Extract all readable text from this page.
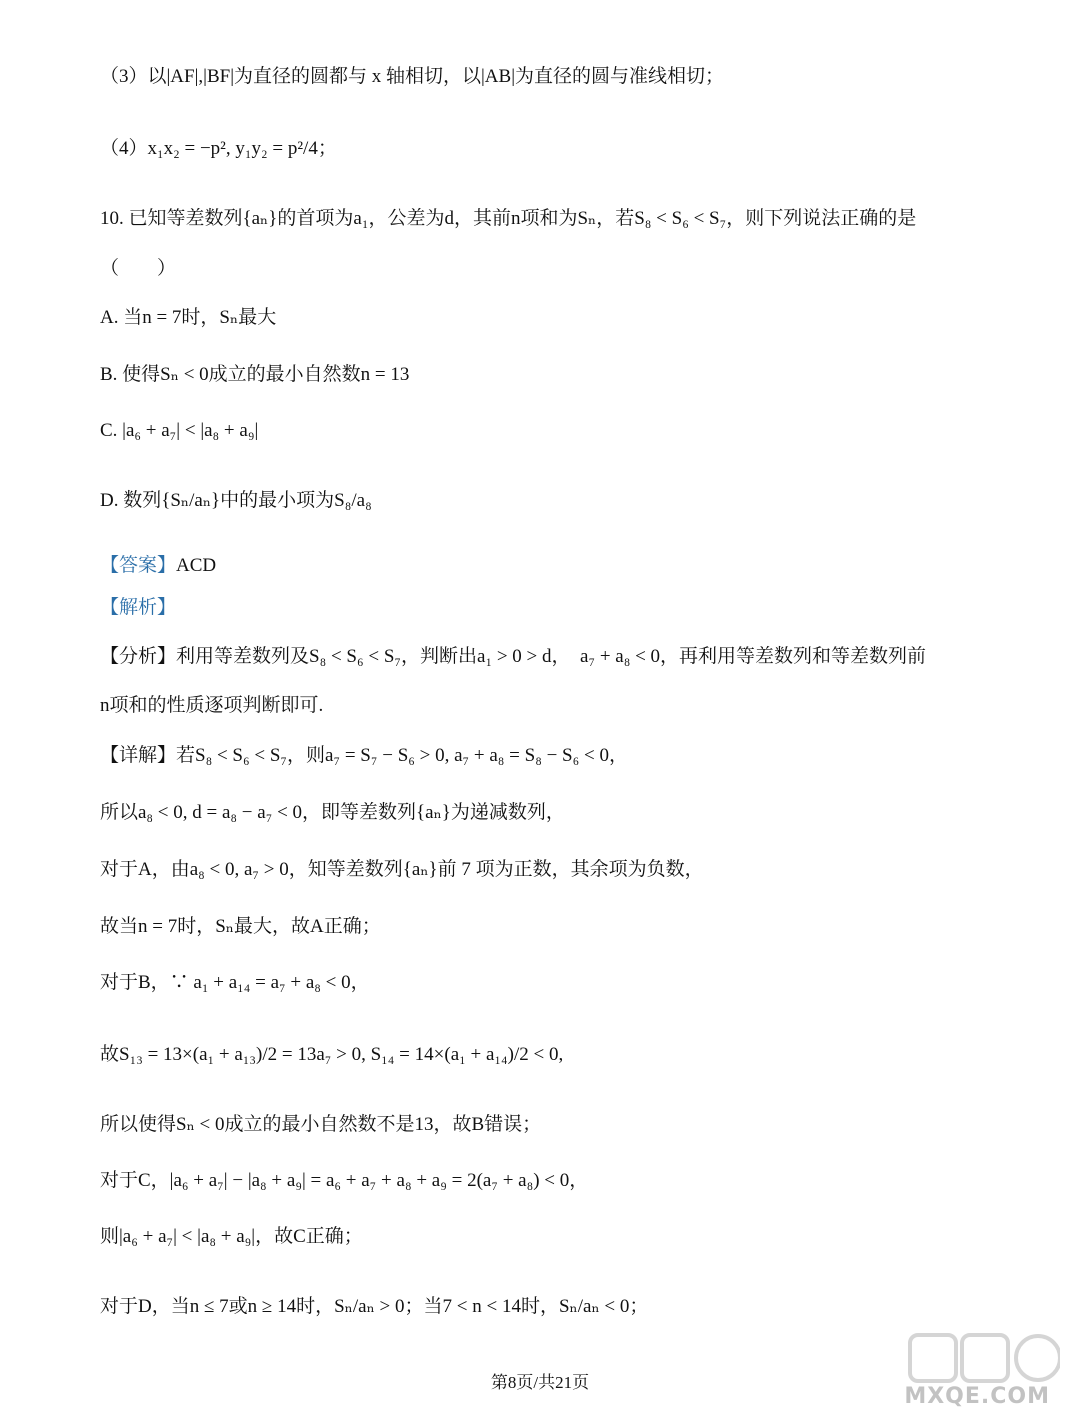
（3）以|AF|,|BF|为直径的圆都与 x 轴相切，以|AB|为直径的圆与准线相切；
（4）x₁x₂ = −p², y₁y₂ = p²/4；
10. 已知等差数列{aₙ}的首项为a₁，公差为d，其前n项和为Sₙ，若S₈ < S₆ < S₇，则下列说法正确的是
（　　）
A. 当n = 7时，Sₙ最大
B. 使得Sₙ < 0成立的最小自然数n = 13
C. |a₆ + a₇| < |a₈ + a₉|
D. 数列{Sₙ/aₙ}中的最小项为S₈/a₈
【答案】ACD
【解析】
【分析】利用等差数列及S₈ < S₆ < S₇，判断出a₁ > 0 > d，　a₇ + a₈ < 0，再利用等差数列和等差数列前
n项和的性质逐项判断即可.
【详解】若S₈ < S₆ < S₇，则a₇ = S₇ − S₆ > 0, a₇ + a₈ = S₈ − S₆ < 0，
所以a₈ < 0, d = a₈ − a₇ < 0，即等差数列{aₙ}为递减数列，
对于A，由a₈ < 0, a₇ > 0，知等差数列{aₙ}前 7 项为正数，其余项为负数，
故当n = 7时，Sₙ最大，故A正确；
对于B，∵ a₁ + a₁₄ = a₇ + a₈ < 0，
故S₁₃ = 13×(a₁ + a₁₃)/2 = 13a₇ > 0, S₁₄ = 14×(a₁ + a₁₄)/2 < 0,
所以使得Sₙ < 0成立的最小自然数不是13，故B错误；
对于C，|a₆ + a₇| − |a₈ + a₉| = a₆ + a₇ + a₈ + a₉ = 2(a₇ + a₈) < 0，
则|a₆ + a₇| < |a₈ + a₉|，故C正确；
对于D，当n ≤ 7或n ≥ 14时，Sₙ/aₙ > 0；当7 < n < 14时，Sₙ/aₙ < 0；
MXQE.COM
第8页/共21页
